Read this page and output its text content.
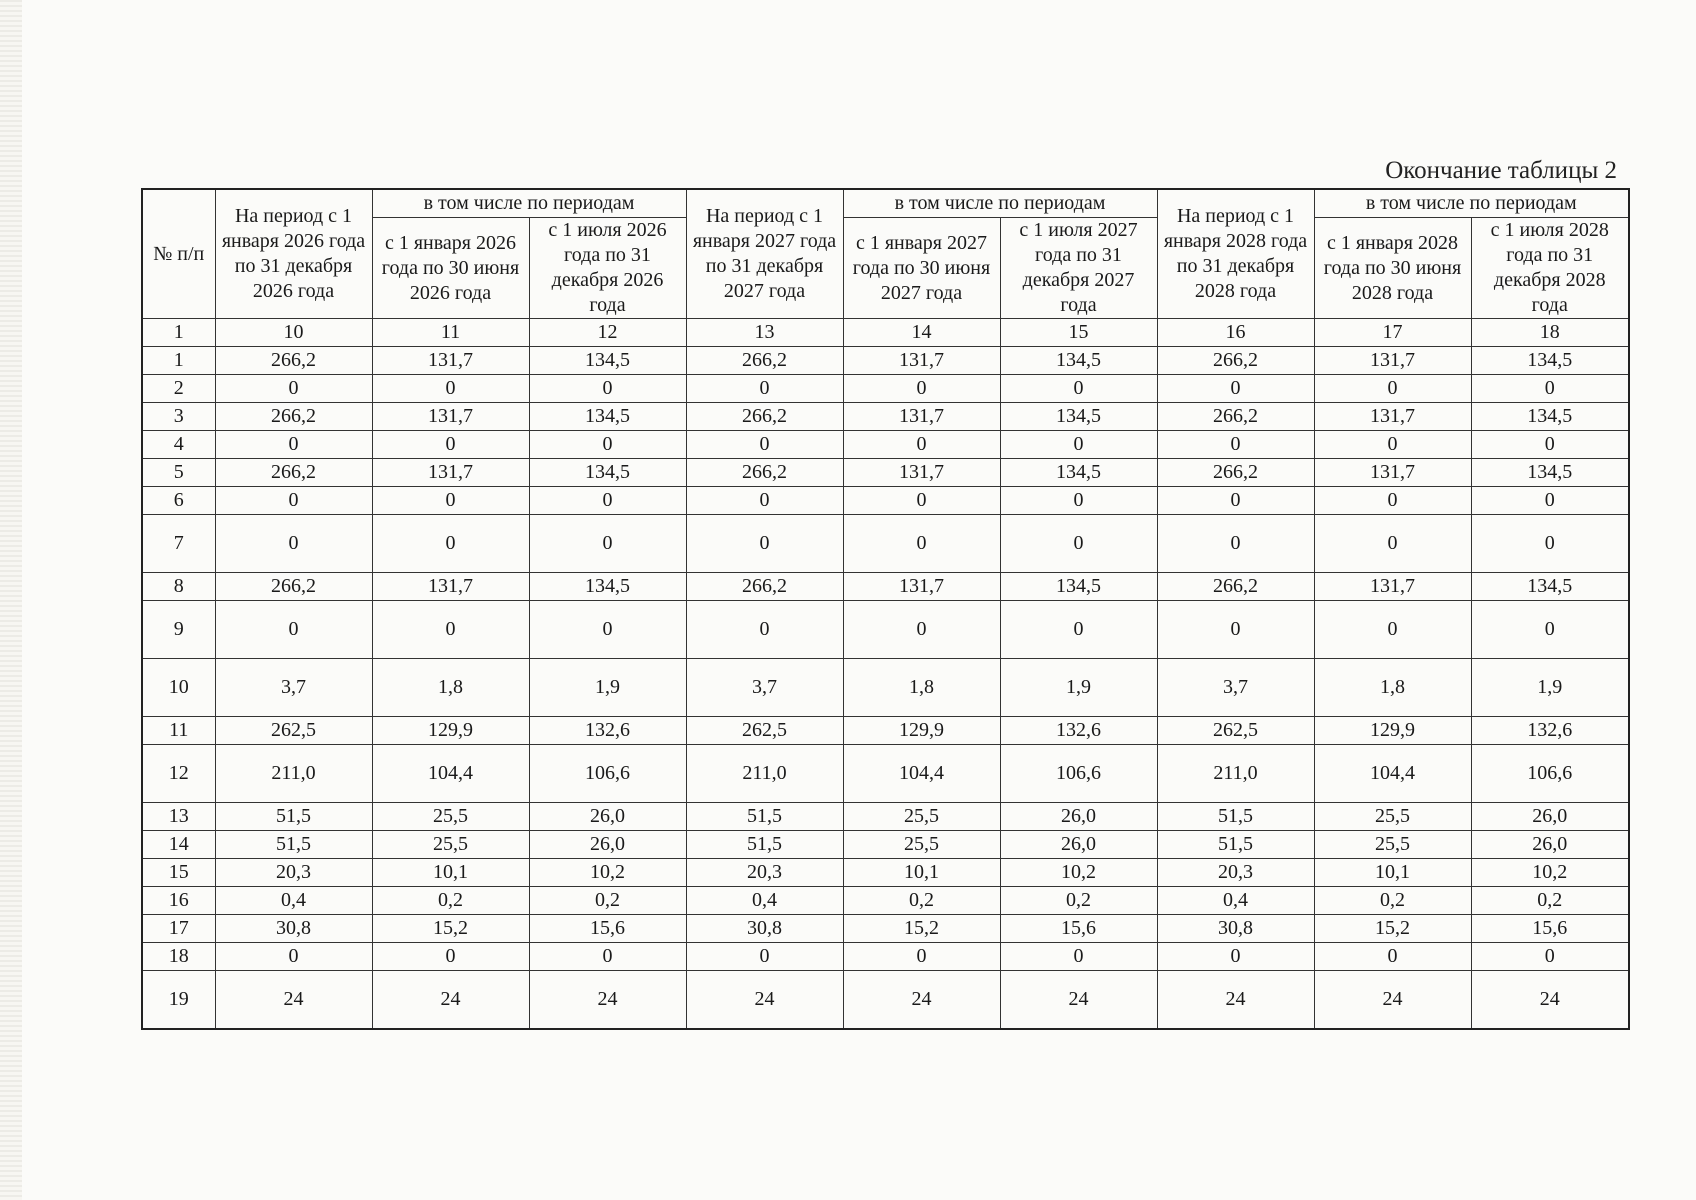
Окончание таблицы 2
№ п/п	На период с 1 января 2026 года по 31 декабря 2026 года	в том числе по периодам		На период с 1 января 2027 года по 31 декабря 2027 года	в том числе по периодам		На период с 1 января 2028 года по 31 декабря 2028 года	в том числе по периодам	
		с 1 января 2026 года по 30 июня 2026 года	с 1 июля 2026 года по 31 декабря 2026 года		с 1 января 2027 года по 30 июня 2027 года	с 1 июля 2027 года по 31 декабря 2027 года		с 1 января 2028 года по 30 июня 2028 года	с 1 июля 2028 года по 31 декабря 2028 года
1	10	11	12	13	14	15	16	17	18
1	266,2	131,7	134,5	266,2	131,7	134,5	266,2	131,7	134,5
2	0	0	0	0	0	0	0	0	0
3	266,2	131,7	134,5	266,2	131,7	134,5	266,2	131,7	134,5
4	0	0	0	0	0	0	0	0	0
5	266,2	131,7	134,5	266,2	131,7	134,5	266,2	131,7	134,5
6	0	0	0	0	0	0	0	0	0
7	0	0	0	0	0	0	0	0	0
8	266,2	131,7	134,5	266,2	131,7	134,5	266,2	131,7	134,5
9	0	0	0	0	0	0	0	0	0
10	3,7	1,8	1,9	3,7	1,8	1,9	3,7	1,8	1,9
11	262,5	129,9	132,6	262,5	129,9	132,6	262,5	129,9	132,6
12	211,0	104,4	106,6	211,0	104,4	106,6	211,0	104,4	106,6
13	51,5	25,5	26,0	51,5	25,5	26,0	51,5	25,5	26,0
14	51,5	25,5	26,0	51,5	25,5	26,0	51,5	25,5	26,0
15	20,3	10,1	10,2	20,3	10,1	10,2	20,3	10,1	10,2
16	0,4	0,2	0,2	0,4	0,2	0,2	0,4	0,2	0,2
17	30,8	15,2	15,6	30,8	15,2	15,6	30,8	15,2	15,6
18	0	0	0	0	0	0	0	0	0
19	24	24	24	24	24	24	24	24	24
